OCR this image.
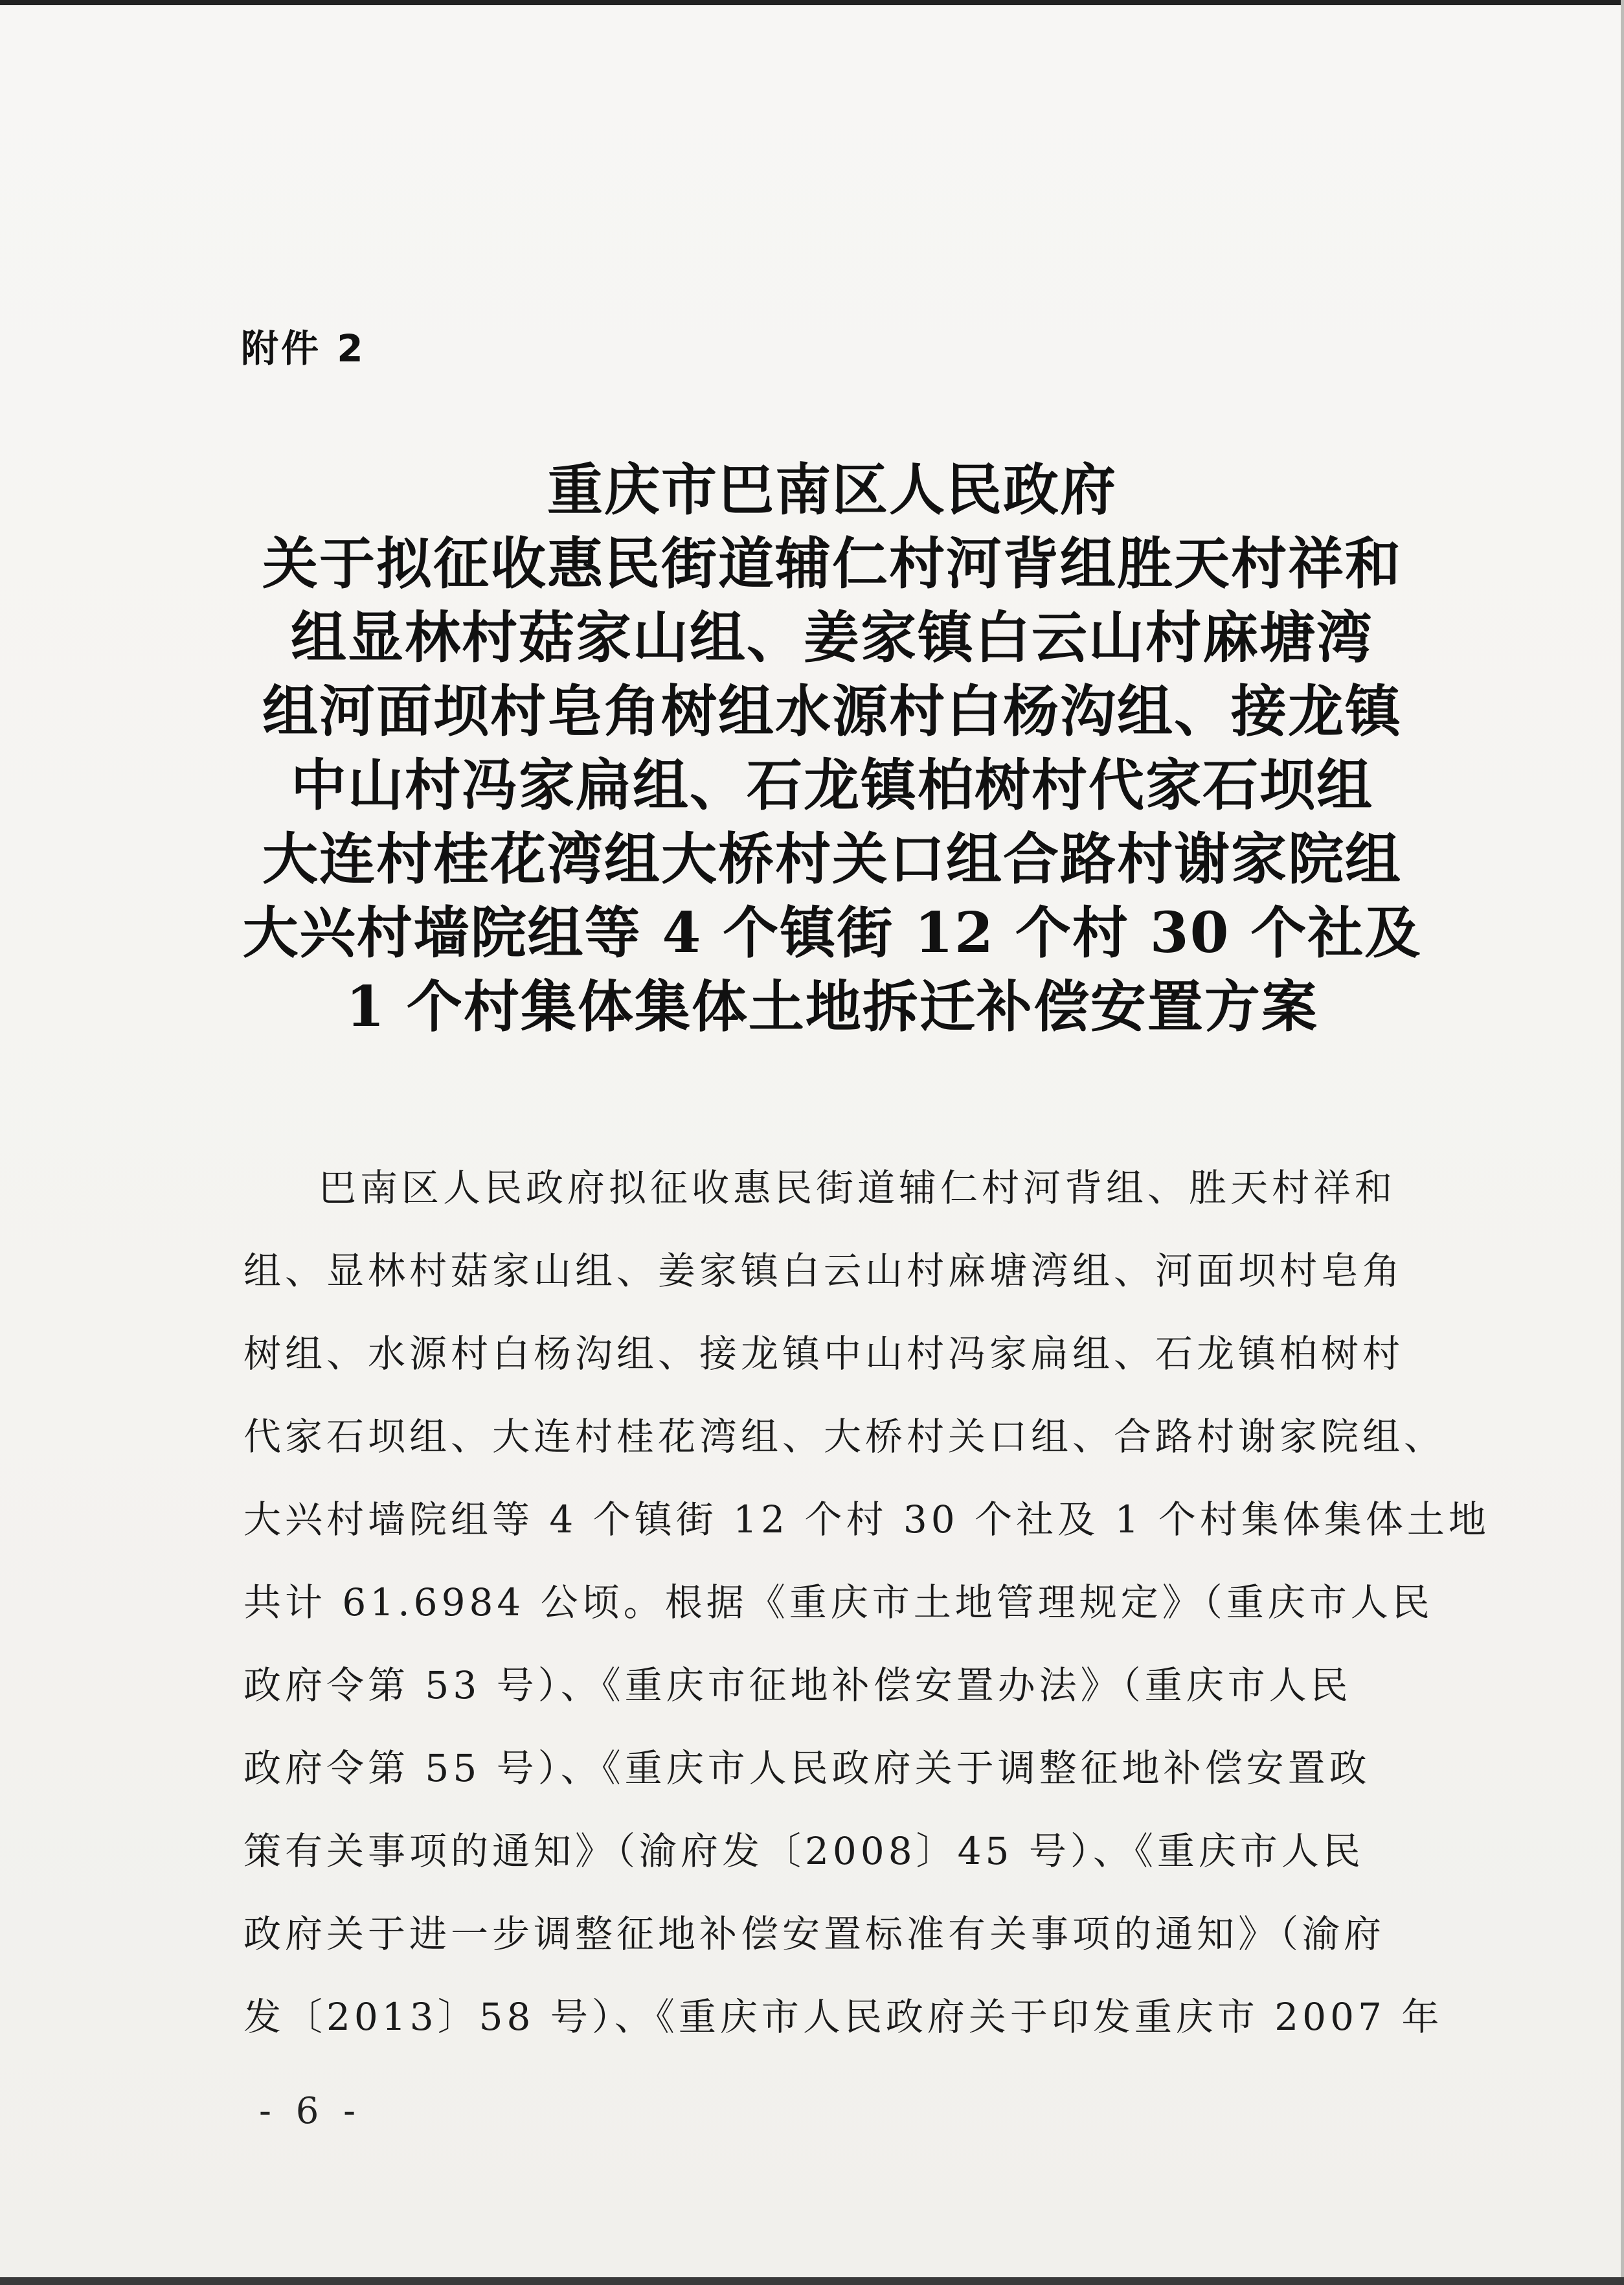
附件 2
重庆市巴南区人民政府
关于拟征收惠民街道辅仁村河背组胜天村祥和
组显林村菇家山组、姜家镇白云山村麻塘湾
组河面坝村皂角树组水源村白杨沟组、接龙镇
中山村冯家扁组、石龙镇柏树村代家石坝组
大连村桂花湾组大桥村关口组合路村谢家院组
大兴村墙院组等 4 个镇街 12 个村 30 个社及
1 个村集体集体土地拆迁补偿安置方案
巴南区人民政府拟征收惠民街道辅仁村河背组、胜天村祥和
组、显林村菇家山组、姜家镇白云山村麻塘湾组、河面坝村皂角
树组、水源村白杨沟组、接龙镇中山村冯家扁组、石龙镇柏树村
代家石坝组、大连村桂花湾组、大桥村关口组、合路村谢家院组、
大兴村墙院组等 4 个镇街 12 个村 30 个社及 1 个村集体集体土地
共计 61.6984 公顷。根据《重庆市土地管理规定》（重庆市人民
政府令第 53 号）、《重庆市征地补偿安置办法》（重庆市人民
政府令第 55 号）、《重庆市人民政府关于调整征地补偿安置政
策有关事项的通知》（渝府发〔2008〕45 号）、《重庆市人民
政府关于进一步调整征地补偿安置标准有关事项的通知》（渝府
发〔2013〕58 号）、《重庆市人民政府关于印发重庆市 2007 年
- 6 -
